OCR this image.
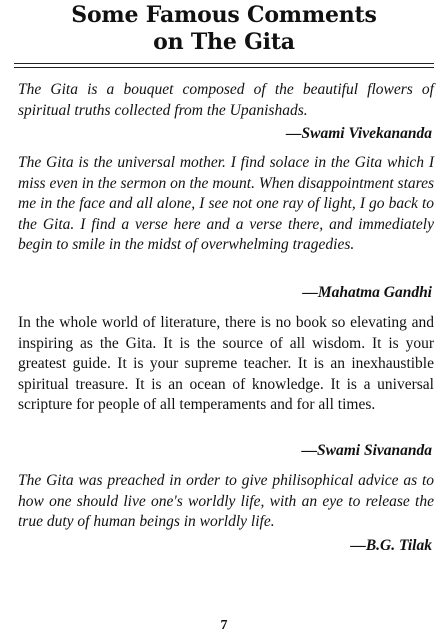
Some Famous Comments
on The Gita

The Gita is a bouquet composed of the beautiful flowers of spiritual truths collected from the Upanishads.

—Swami Vivekananda

The Gita is the universal mother. I find solace in the Gita which I miss even in the sermon on the mount. When disappointment stares me in the face and all alone, I see not one ray of light, I go back to the Gita. I find a verse here and a verse there, and immediately begin to smile in the midst of overwhelming tragedies.

—Mahatma Gandhi

In the whole world of literature, there is no book so elevating and inspiring as the Gita. It is the source of all wisdom. It is your greatest guide. It is your supreme teacher. It is an inexhaustible spiritual treasure. It is an ocean of knowledge. It is a universal scripture for people of all temperaments and for all times.

—Swami Sivananda

The Gita was preached in order to give philisophical advice as to how one should live one's worldly life, with an eye to release the true duty of human beings in worldly life.

—B.G. Tilak
7
